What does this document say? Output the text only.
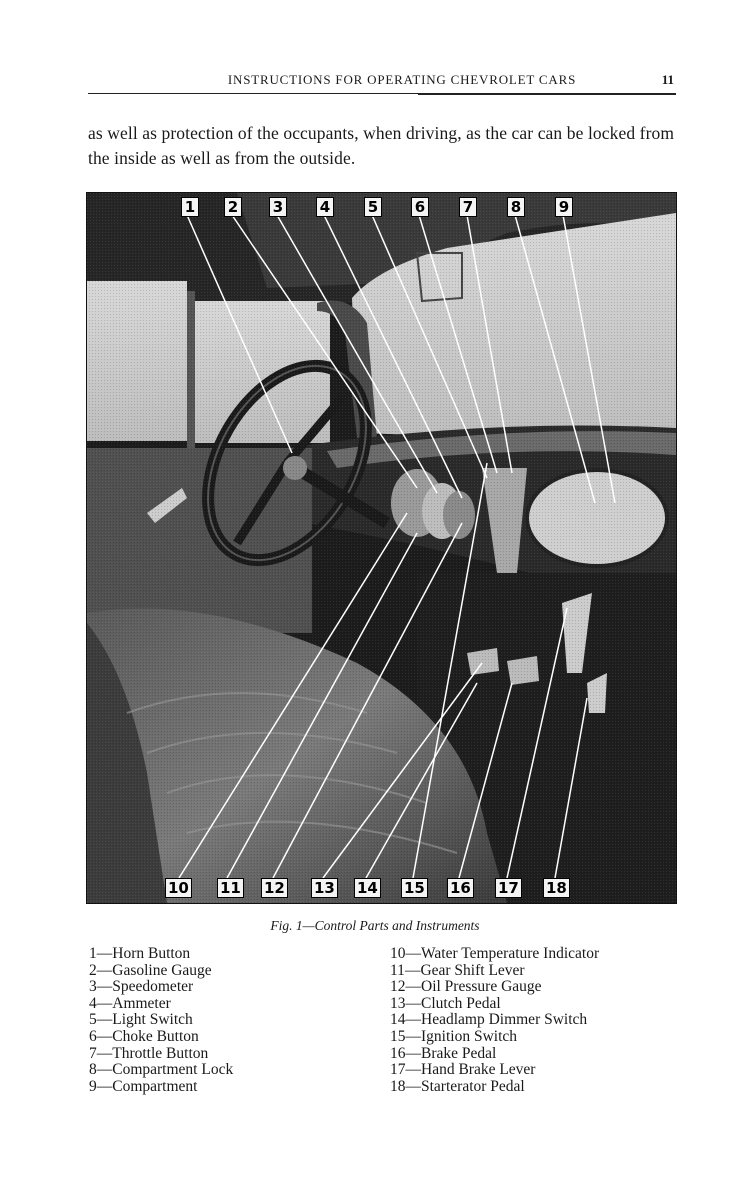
INSTRUCTIONS FOR OPERATING CHEVROLET CARS	11

as well as protection of the occupants, when driving, as the car can be locked from the inside as well as from the outside.

1 2 3 4	5 6	7	8	9
10 11 12 13 14 15 16 17 18
Fig. 1—Control Parts and Instruments
1—Horn Button
2—Gasoline Gauge
3—Speedometer
4—Ammeter
5—Light Switch
6—Choke Button
7—Throttle Button
8—Compartment Lock
9—Compartment
10—Water Temperature Indicator
11—Gear Shift Lever
12—Oil Pressure Gauge
13—Clutch Pedal
14—Headlamp Dimmer Switch
15—Ignition Switch
16—Brake Pedal
17—Hand Brake Lever
18—Starterator Pedal
